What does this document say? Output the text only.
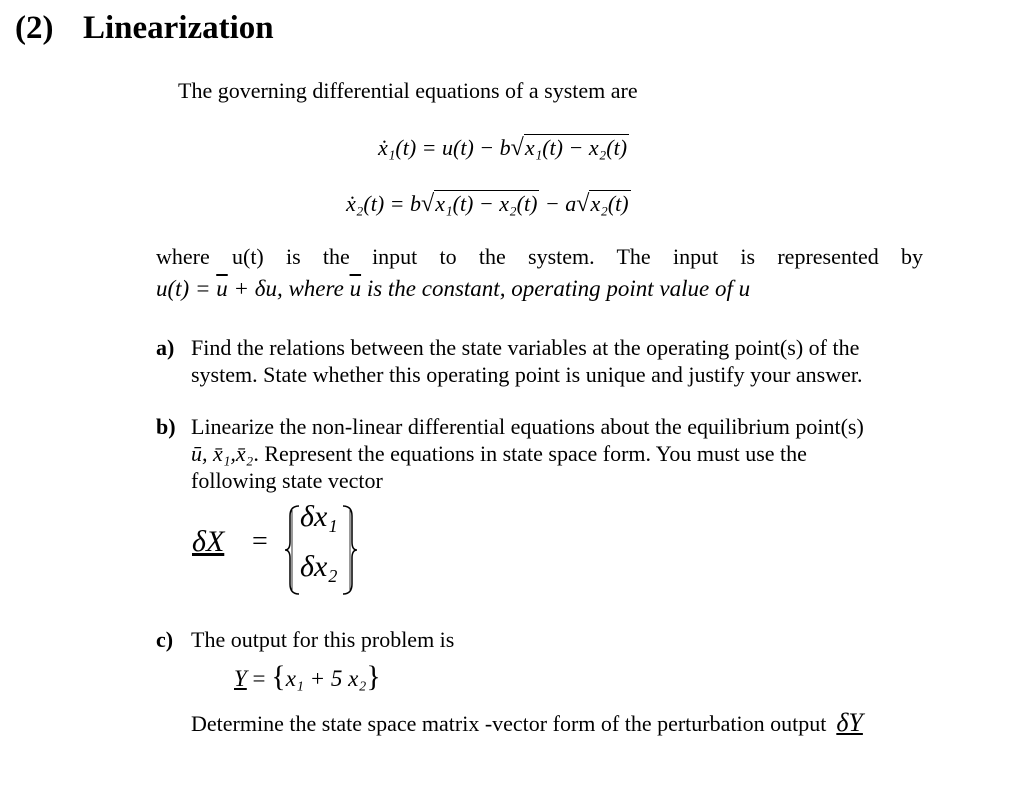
(2) Linearization
The governing differential equations of a system are
ẋ₁(t) = u(t) − b√x₁(t) − x₂(t)
ẋ₂(t) = b√x₁(t) − x₂(t) − a√x₂(t)
where u(t) is the input to the system. The input is represented by
$u(t) = \overline{u} + \delta u$, where $\overline{u}$ is the constant, operating point value of u
a) Find the relations between the state variables at the operating point(s) of the
system. State whether this operating point is unique and justify your answer.
b) Linearize the non-linear differential equations about the equilibrium point(s)
ū, x̄₁,x̄₂. Represent the equations in state space form. You must use the
following state vector
δX =
δx₁
δx₂
c) The output for this problem is
Y = {x₁ + 5 x₂}
Determine the state space matrix -vector form of the perturbation output δY
